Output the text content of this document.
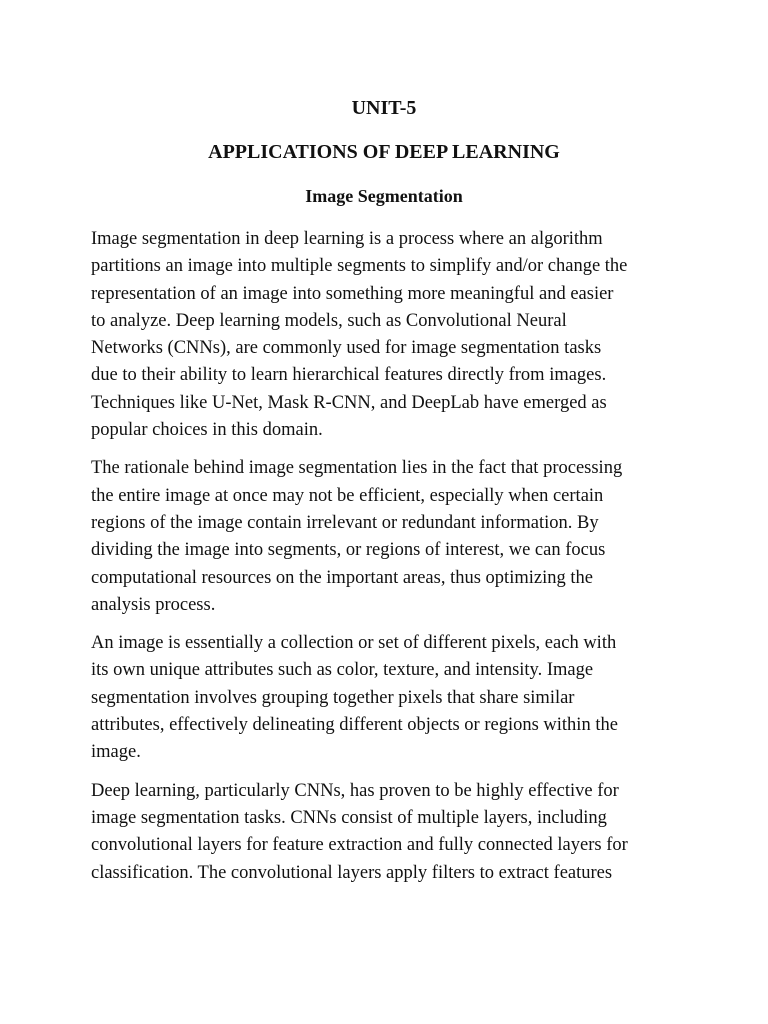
UNIT-5
APPLICATIONS OF DEEP LEARNING
Image Segmentation

Image segmentation in deep learning is a process where an algorithm
partitions an image into multiple segments to simplify and/or change the
representation of an image into something more meaningful and easier
to analyze. Deep learning models, such as Convolutional Neural
Networks (CNNs), are commonly used for image segmentation tasks
due to their ability to learn hierarchical features directly from images.
Techniques like U-Net, Mask R-CNN, and DeepLab have emerged as
popular choices in this domain.

The rationale behind image segmentation lies in the fact that processing
the entire image at once may not be efficient, especially when certain
regions of the image contain irrelevant or redundant information. By
dividing the image into segments, or regions of interest, we can focus
computational resources on the important areas, thus optimizing the
analysis process.

An image is essentially a collection or set of different pixels, each with
its own unique attributes such as color, texture, and intensity. Image
segmentation involves grouping together pixels that share similar
attributes, effectively delineating different objects or regions within the
image.

Deep learning, particularly CNNs, has proven to be highly effective for
image segmentation tasks. CNNs consist of multiple layers, including
convolutional layers for feature extraction and fully connected layers for
classification. The convolutional layers apply filters to extract features
